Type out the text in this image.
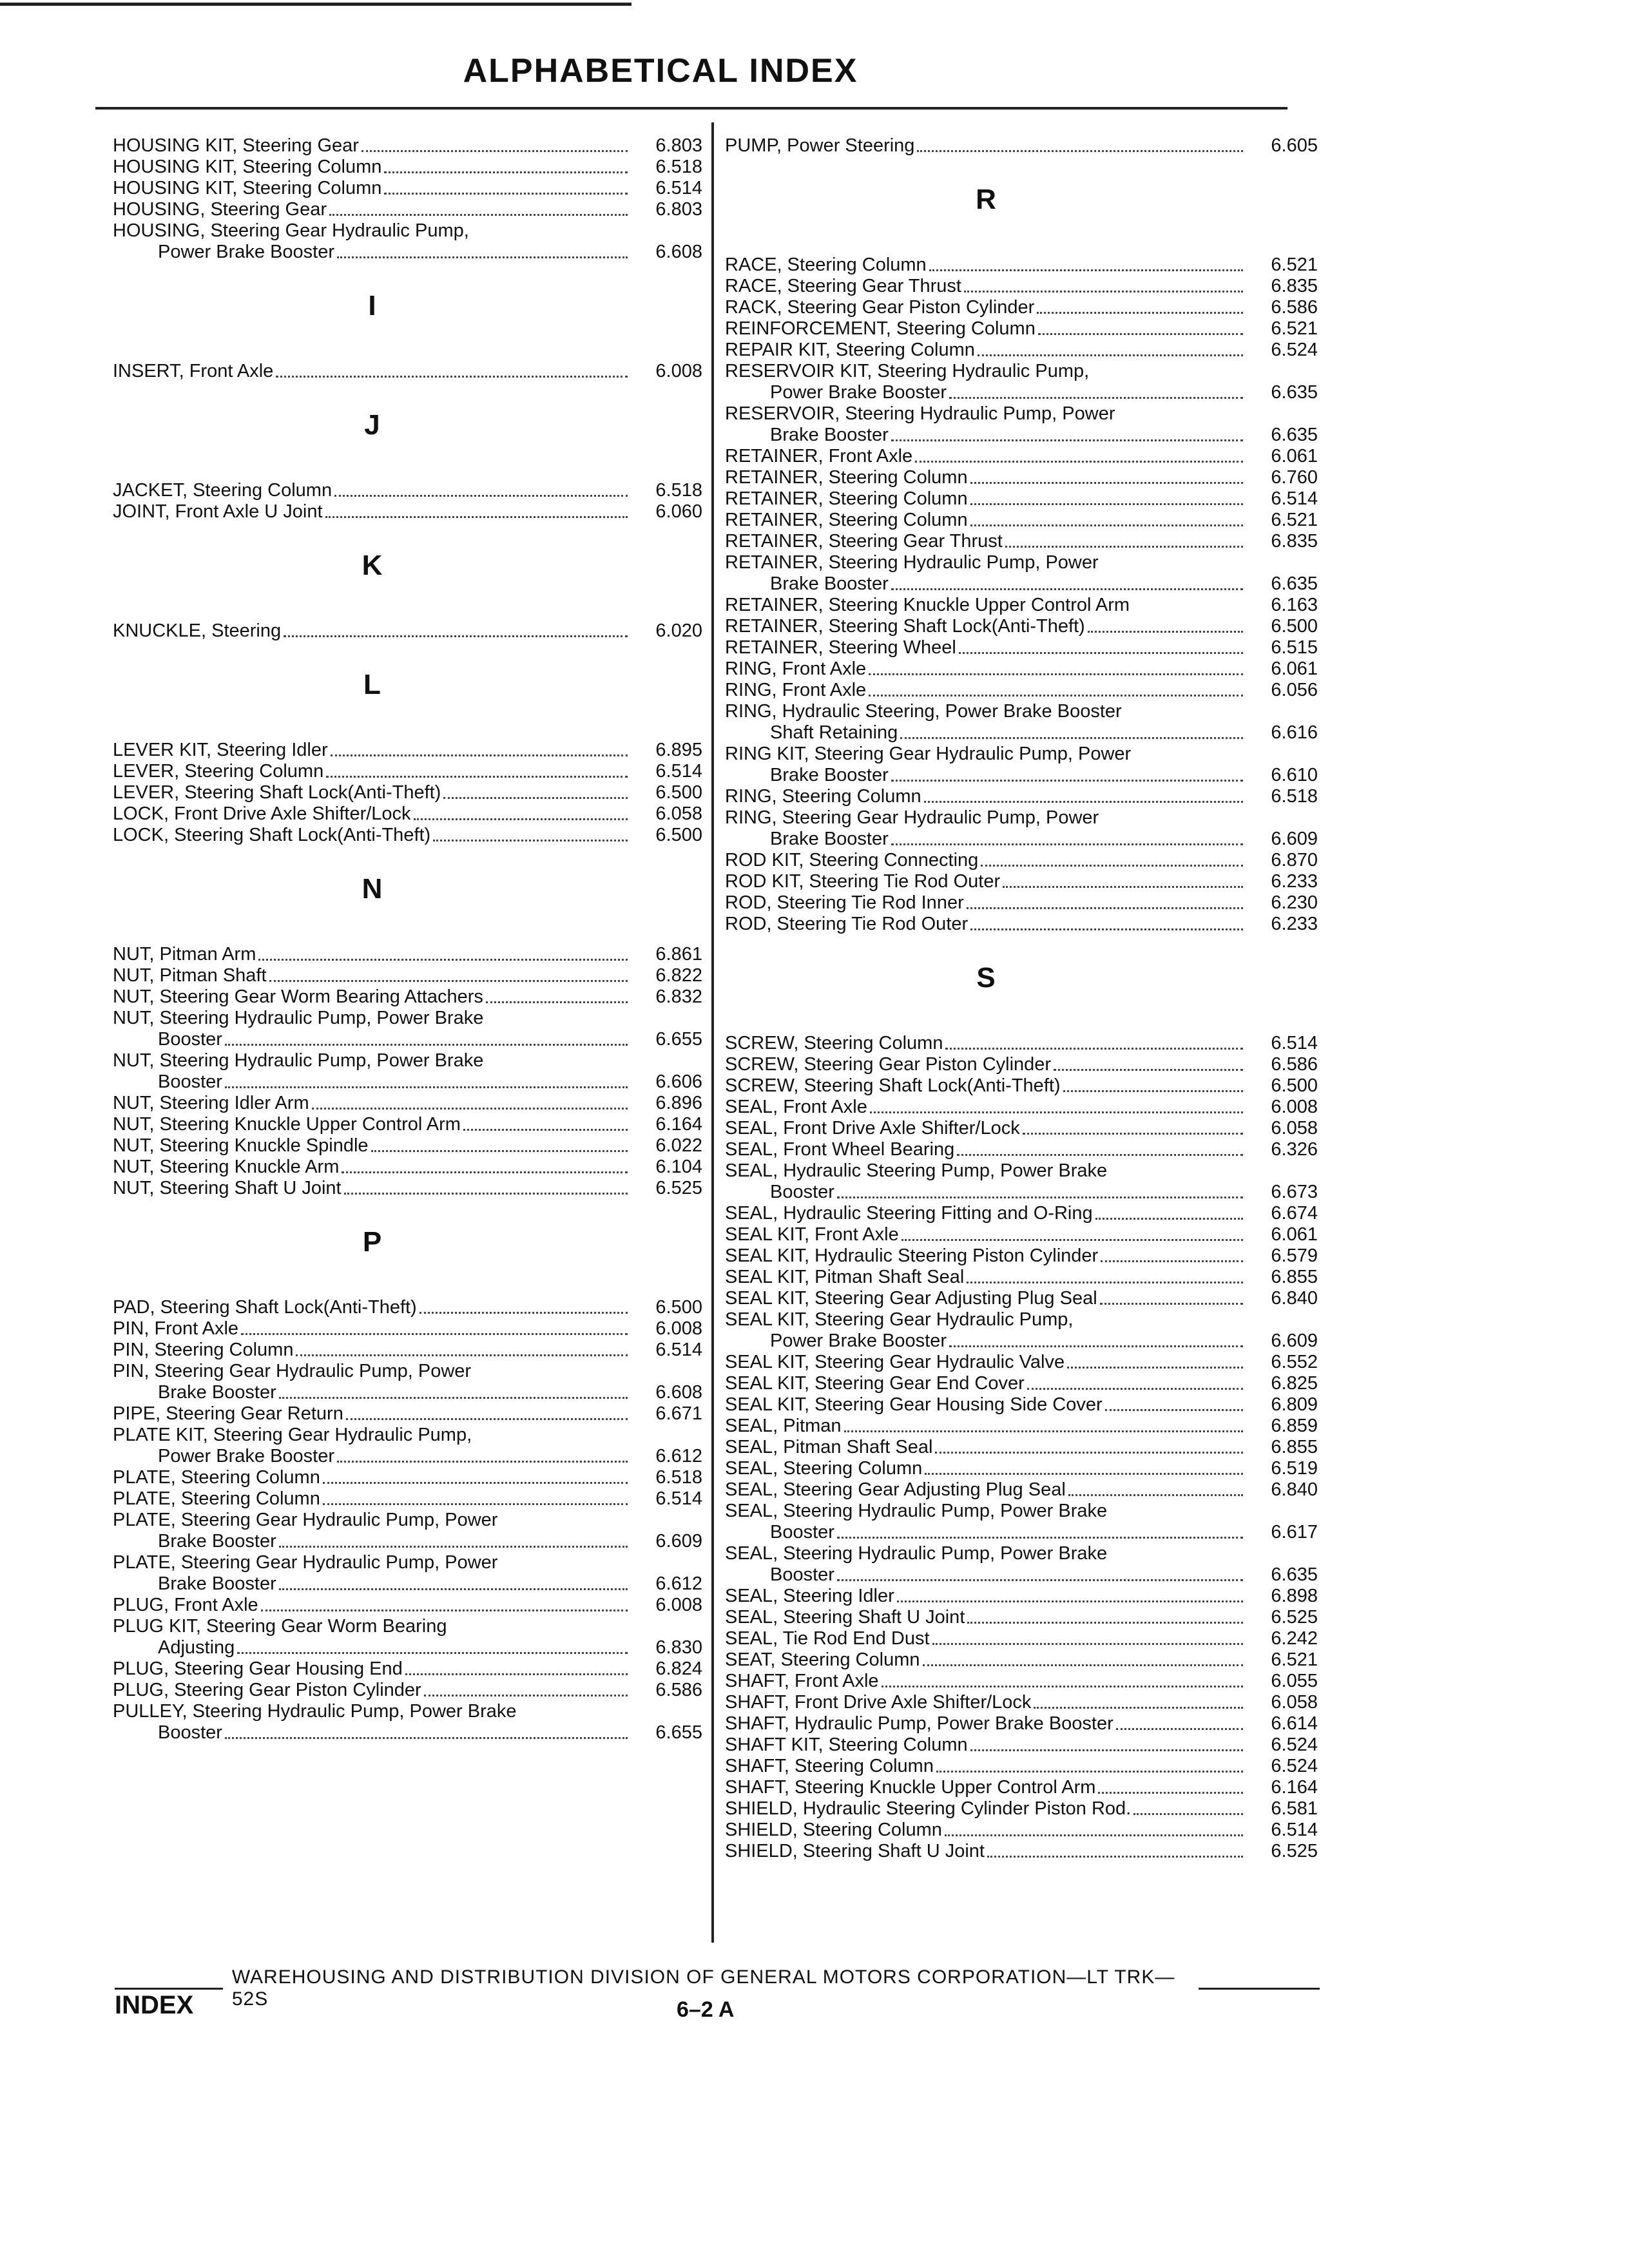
ALPHABETICAL INDEX
HOUSING KIT, Steering Gear	6.803
HOUSING KIT, Steering Column	6.518
HOUSING KIT, Steering Column	6.514
HOUSING, Steering Gear	6.803
HOUSING, Steering Gear Hydraulic Pump,
Power Brake Booster	6.608
I
INSERT, Front Axle	6.008
J
JACKET, Steering Column	6.518
JOINT, Front Axle U Joint	6.060
K
KNUCKLE, Steering	6.020
L
LEVER KIT, Steering Idler	6.895
LEVER, Steering Column	6.514
LEVER, Steering Shaft Lock(Anti-Theft)	6.500
LOCK, Front Drive Axle Shifter/Lock	6.058
LOCK, Steering Shaft Lock(Anti-Theft)	6.500
N
NUT, Pitman Arm	6.861
NUT, Pitman Shaft	6.822
NUT, Steering Gear Worm Bearing Attachers	6.832
NUT, Steering Hydraulic Pump, Power Brake
Booster	6.655
NUT, Steering Hydraulic Pump, Power Brake
Booster	6.606
NUT, Steering Idler Arm	6.896
NUT, Steering Knuckle Upper Control Arm	6.164
NUT, Steering Knuckle Spindle	6.022
NUT, Steering Knuckle Arm	6.104
NUT, Steering Shaft U Joint	6.525
P
PAD, Steering Shaft Lock(Anti-Theft)	6.500
PIN, Front Axle	6.008
PIN, Steering Column	6.514
PIN, Steering Gear Hydraulic Pump, Power
Brake Booster	6.608
PIPE, Steering Gear Return	6.671
PLATE KIT, Steering Gear Hydraulic Pump,
Power Brake Booster	6.612
PLATE, Steering Column	6.518
PLATE, Steering Column	6.514
PLATE, Steering Gear Hydraulic Pump, Power
Brake Booster	6.609
PLATE, Steering Gear Hydraulic Pump, Power
Brake Booster	6.612
PLUG, Front Axle	6.008
PLUG KIT, Steering Gear Worm Bearing
Adjusting	6.830
PLUG, Steering Gear Housing End	6.824
PLUG, Steering Gear Piston Cylinder	6.586
PULLEY, Steering Hydraulic Pump, Power Brake
Booster	6.655
PUMP, Power Steering	6.605
R
RACE, Steering Column	6.521
RACE, Steering Gear Thrust	6.835
RACK, Steering Gear Piston Cylinder	6.586
REINFORCEMENT, Steering Column	6.521
REPAIR KIT, Steering Column	6.524
RESERVOIR KIT, Steering Hydraulic Pump,
Power Brake Booster	6.635
RESERVOIR, Steering Hydraulic Pump, Power
Brake Booster	6.635
RETAINER, Front Axle	6.061
RETAINER, Steering Column	6.760
RETAINER, Steering Column	6.514
RETAINER, Steering Column	6.521
RETAINER, Steering Gear Thrust	6.835
RETAINER, Steering Hydraulic Pump, Power
Brake Booster	6.635
RETAINER, Steering Knuckle Upper Control Arm	6.163
RETAINER, Steering Shaft Lock(Anti-Theft)	6.500
RETAINER, Steering Wheel	6.515
RING, Front Axle	6.061
RING, Front Axle	6.056
RING, Hydraulic Steering, Power Brake Booster
Shaft Retaining	6.616
RING KIT, Steering Gear Hydraulic Pump, Power
Brake Booster	6.610
RING, Steering Column	6.518
RING, Steering Gear Hydraulic Pump, Power
Brake Booster	6.609
ROD KIT, Steering Connecting	6.870
ROD KIT, Steering Tie Rod Outer	6.233
ROD, Steering Tie Rod Inner	6.230
ROD, Steering Tie Rod Outer	6.233
S
SCREW, Steering Column	6.514
SCREW, Steering Gear Piston Cylinder	6.586
SCREW, Steering Shaft Lock(Anti-Theft)	6.500
SEAL, Front Axle	6.008
SEAL, Front Drive Axle Shifter/Lock	6.058
SEAL, Front Wheel Bearing	6.326
SEAL, Hydraulic Steering Pump, Power Brake
Booster	6.673
SEAL, Hydraulic Steering Fitting and O-Ring	6.674
SEAL KIT, Front Axle	6.061
SEAL KIT, Hydraulic Steering Piston Cylinder	6.579
SEAL KIT, Pitman Shaft Seal	6.855
SEAL KIT, Steering Gear Adjusting Plug Seal	6.840
SEAL KIT, Steering Gear Hydraulic Pump,
Power Brake Booster	6.609
SEAL KIT, Steering Gear Hydraulic Valve	6.552
SEAL KIT, Steering Gear End Cover	6.825
SEAL KIT, Steering Gear Housing Side Cover	6.809
SEAL, Pitman	6.859
SEAL, Pitman Shaft Seal	6.855
SEAL, Steering Column	6.519
SEAL, Steering Gear Adjusting Plug Seal	6.840
SEAL, Steering Hydraulic Pump, Power Brake
Booster	6.617
SEAL, Steering Hydraulic Pump, Power Brake
Booster	6.635
SEAL, Steering Idler	6.898
SEAL, Steering Shaft U Joint	6.525
SEAL, Tie Rod End Dust	6.242
SEAT, Steering Column	6.521
SHAFT, Front Axle	6.055
SHAFT, Front Drive Axle Shifter/Lock	6.058
SHAFT, Hydraulic Pump, Power Brake Booster	6.614
SHAFT KIT, Steering Column	6.524
SHAFT, Steering Column	6.524
SHAFT, Steering Knuckle Upper Control Arm	6.164
SHIELD, Hydraulic Steering Cylinder Piston Rod.	6.581
SHIELD, Steering Column	6.514
SHIELD, Steering Shaft U Joint	6.525
WAREHOUSING AND DISTRIBUTION DIVISION OF GENERAL MOTORS CORPORATION—LT TRK—52S
INDEX	6–2 A
